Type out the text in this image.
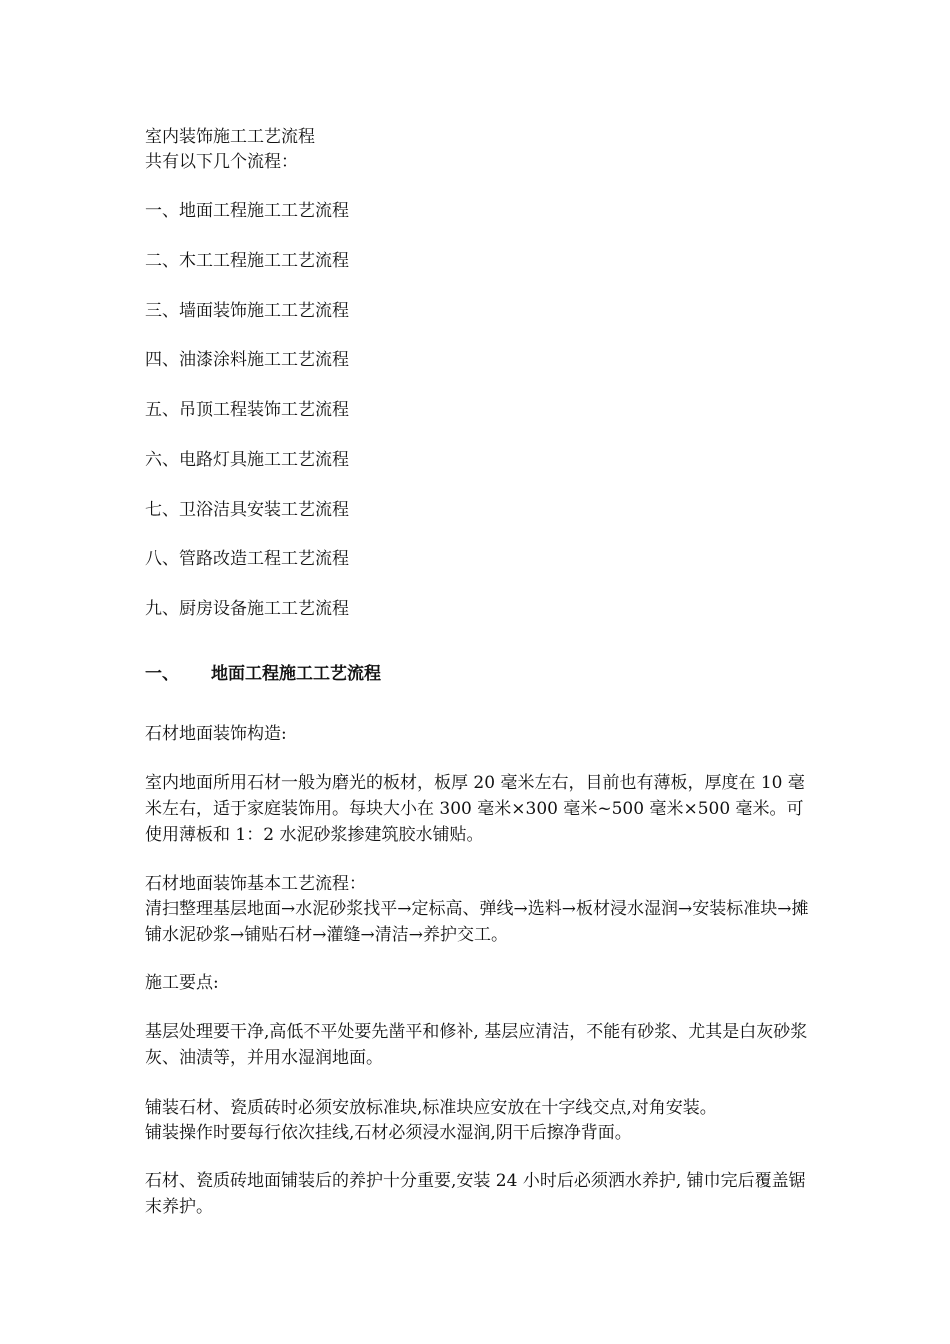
室内装饰施工工艺流程
共有以下几个流程：
一、地面工程施工工艺流程
二、木工工程施工工艺流程
三、墙面装饰施工工艺流程
四、油漆涂料施工工艺流程
五、吊顶工程装饰工艺流程
六、电路灯具施工工艺流程
七、卫浴洁具安装工艺流程
八、管路改造工程工艺流程
九、厨房设备施工工艺流程
一、 地面工程施工工艺流程
石材地面装饰构造:
室内地面所用石材一般为磨光的板材，板厚 20 毫米左右，目前也有薄板，厚度在 10 毫米左右，适于家庭装饰用。每块大小在 300 毫米×300 毫米~500 毫米×500 毫米。可使用薄板和 1：2 水泥砂浆掺建筑胶水铺贴。
石材地面装饰基本工艺流程：
清扫整理基层地面→水泥砂浆找平→定标高、弹线→选料→板材浸水湿润→安装标准块→摊铺水泥砂浆→铺贴石材→灌缝→清洁→养护交工。
施工要点:
基层处理要干净,高低不平处要先凿平和修补, 基层应清洁，不能有砂浆、尤其是白灰砂浆灰、油渍等，并用水湿润地面。
铺装石材、瓷质砖时必须安放标准块,标准块应安放在十字线交点,对角安装。
铺装操作时要每行依次挂线,石材必须浸水湿润,阴干后擦净背面。
石材、瓷质砖地面铺装后的养护十分重要,安装 24 小时后必须洒水养护, 铺巾完后覆盖锯末养护。
